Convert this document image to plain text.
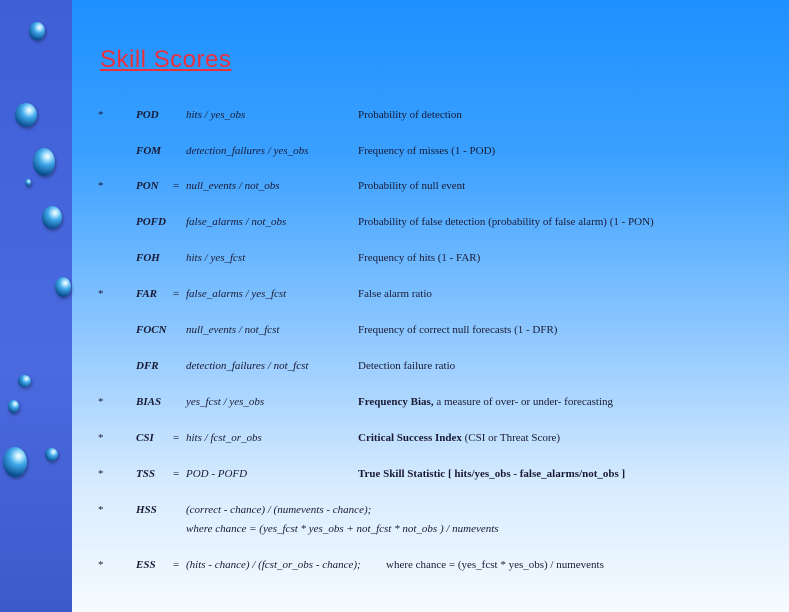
Skill Scores
*	POD hits / yes_obs	Probability of detection
FOM detection_failures / yes_obs	Frequency of misses (1 - POD)
*	PON = null_events / not_obs	Probability of null event
POFD false_alarms / not_obs	Probability of false detection (probability of false alarm) (1 - PON)
FOH hits / yes_fcst	Frequency of hits (1 - FAR)
*	FAR = false_alarms / yes_fcst	False alarm ratio
FOCN null_events / not_fcst	Frequency of correct null forecasts (1 - DFR)
DFR detection_failures / not_fcst	Detection failure ratio
*	BIAS yes_fcst / yes_obs	Frequency Bias, a measure of over- or under- forecasting
*	CSI = hits / fcst_or_obs	Critical Success Index (CSI or Threat Score)
*	TSS = POD - POFD	True Skill Statistic [ hits/yes_obs - false_alarms/not_obs ]
*	HSS	(correct - chance) / (numevents - chance);
where chance = (yes_fcst * yes_obs + not_fcst * not_obs ) / numevents
*	ESS = (hits - chance) / (fcst_or_obs - chance); where chance = (yes_fcst * yes_obs) / numevents
